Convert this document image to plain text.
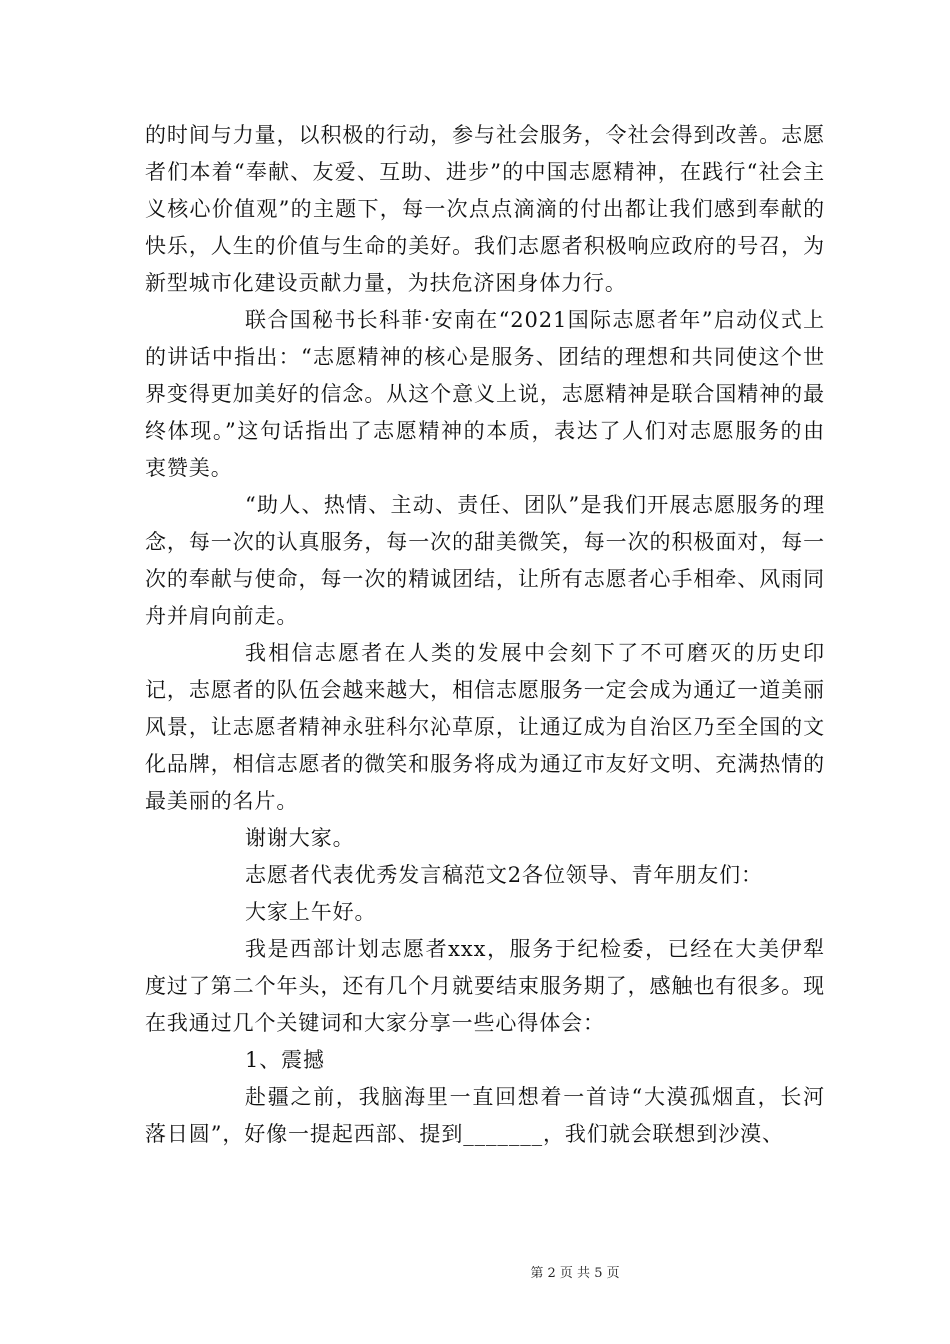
的时间与力量，以积极的行动，参与社会服务，令社会得到改善。志愿者们本着“奉献、友爱、互助、进步”的中国志愿精神，在践行“社会主义核心价值观”的主题下，每一次点点滴滴的付出都让我们感到奉献的快乐，人生的价值与生命的美好。我们志愿者积极响应政府的号召，为新型城市化建设贡献力量，为扶危济困身体力行。

联合国秘书长科菲·安南在“2021国际志愿者年”启动仪式上的讲话中指出：“志愿精神的核心是服务、团结的理想和共同使这个世界变得更加美好的信念。从这个意义上说，志愿精神是联合国精神的最终体现。”这句话指出了志愿精神的本质，表达了人们对志愿服务的由衷赞美。

“助人、热情、主动、责任、团队”是我们开展志愿服务的理念，每一次的认真服务，每一次的甜美微笑，每一次的积极面对，每一次的奉献与使命，每一次的精诚团结，让所有志愿者心手相牵、风雨同舟并肩向前走。

我相信志愿者在人类的发展中会刻下了不可磨灭的历史印记，志愿者的队伍会越来越大，相信志愿服务一定会成为通辽一道美丽风景，让志愿者精神永驻科尔沁草原，让通辽成为自治区乃至全国的文化品牌，相信志愿者的微笑和服务将成为通辽市友好文明、充满热情的最美丽的名片。

谢谢大家。

志愿者代表优秀发言稿范文2各位领导、青年朋友们：

大家上午好。

我是西部计划志愿者xxx，服务于纪检委，已经在大美伊犁度过了第二个年头，还有几个月就要结束服务期了，感触也有很多。现在我通过几个关键词和大家分享一些心得体会：

1、震撼

赴疆之前，我脑海里一直回想着一首诗“大漠孤烟直，长河落日圆”，好像一提起西部、提到_______，我们就会联想到沙漠、

第 2 页 共 5 页
